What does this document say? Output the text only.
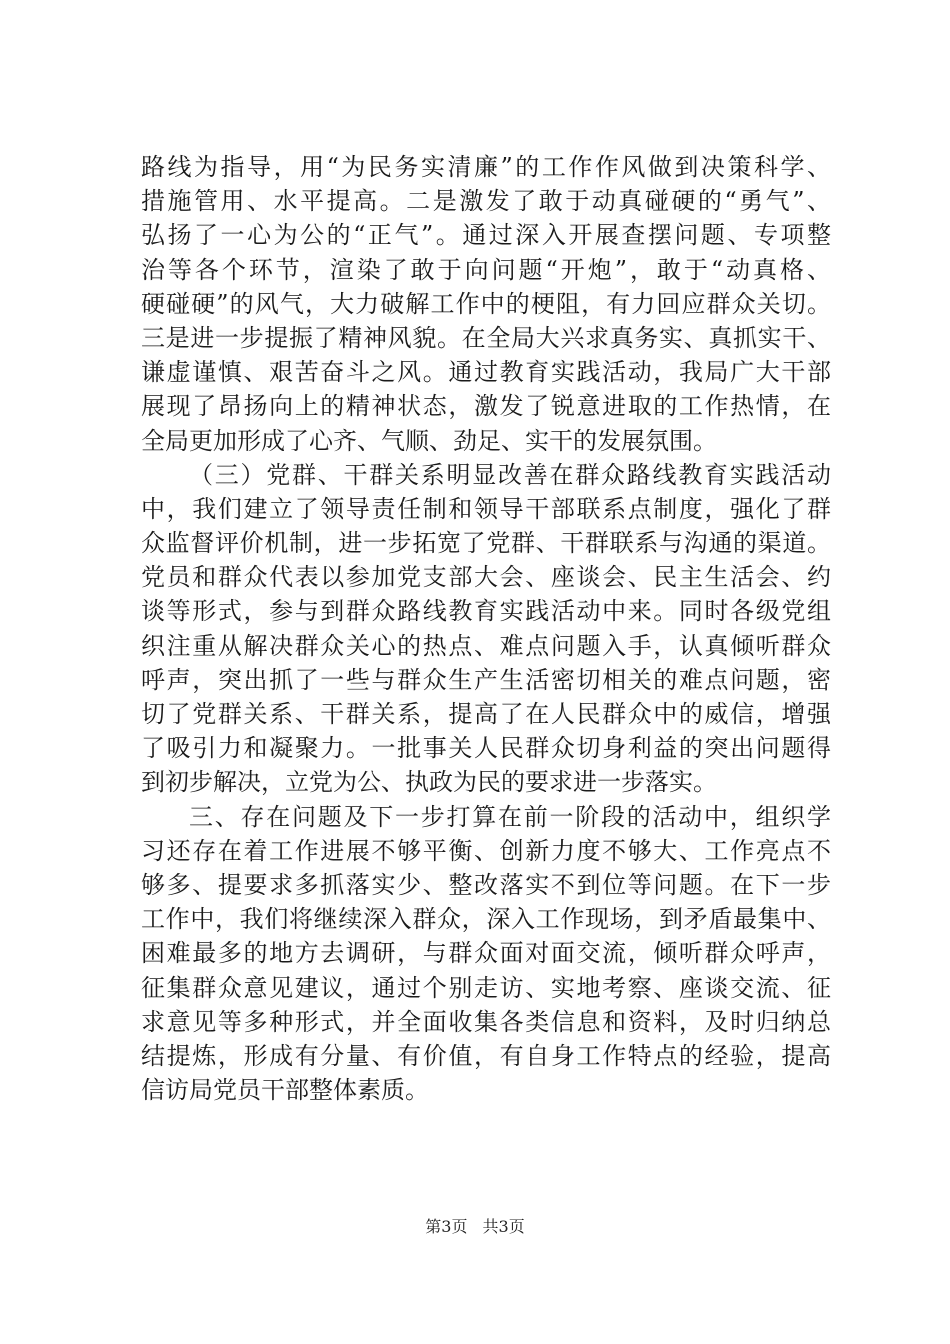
路线为指导，用“为民务实清廉”的工作作风做到决策科学、
措施管用、水平提高。二是激发了敢于动真碰硬的“勇气”、
弘扬了一心为公的“正气”。通过深入开展查摆问题、专项整
治等各个环节，渲染了敢于向问题“开炮”，敢于“动真格、
硬碰硬”的风气，大力破解工作中的梗阻，有力回应群众关切。
三是进一步提振了精神风貌。在全局大兴求真务实、真抓实干、
谦虚谨慎、艰苦奋斗之风。通过教育实践活动，我局广大干部
展现了昂扬向上的精神状态，激发了锐意进取的工作热情，在
全局更加形成了心齐、气顺、劲足、实干的发展氛围。
（三）党群、干群关系明显改善在群众路线教育实践活动
中，我们建立了领导责任制和领导干部联系点制度，强化了群
众监督评价机制，进一步拓宽了党群、干群联系与沟通的渠道。
党员和群众代表以参加党支部大会、座谈会、民主生活会、约
谈等形式，参与到群众路线教育实践活动中来。同时各级党组
织注重从解决群众关心的热点、难点问题入手，认真倾听群众
呼声，突出抓了一些与群众生产生活密切相关的难点问题，密
切了党群关系、干群关系，提高了在人民群众中的威信，增强
了吸引力和凝聚力。一批事关人民群众切身利益的突出问题得
到初步解决，立党为公、执政为民的要求进一步落实。
三、存在问题及下一步打算在前一阶段的活动中，组织学
习还存在着工作进展不够平衡、创新力度不够大、工作亮点不
够多、提要求多抓落实少、整改落实不到位等问题。在下一步
工作中，我们将继续深入群众，深入工作现场，到矛盾最集中、
困难最多的地方去调研，与群众面对面交流，倾听群众呼声，
征集群众意见建议，通过个别走访、实地考察、座谈交流、征
求意见等多种形式，并全面收集各类信息和资料，及时归纳总
结提炼，形成有分量、有价值，有自身工作特点的经验，提高
信访局党员干部整体素质。
第3页 共3页
